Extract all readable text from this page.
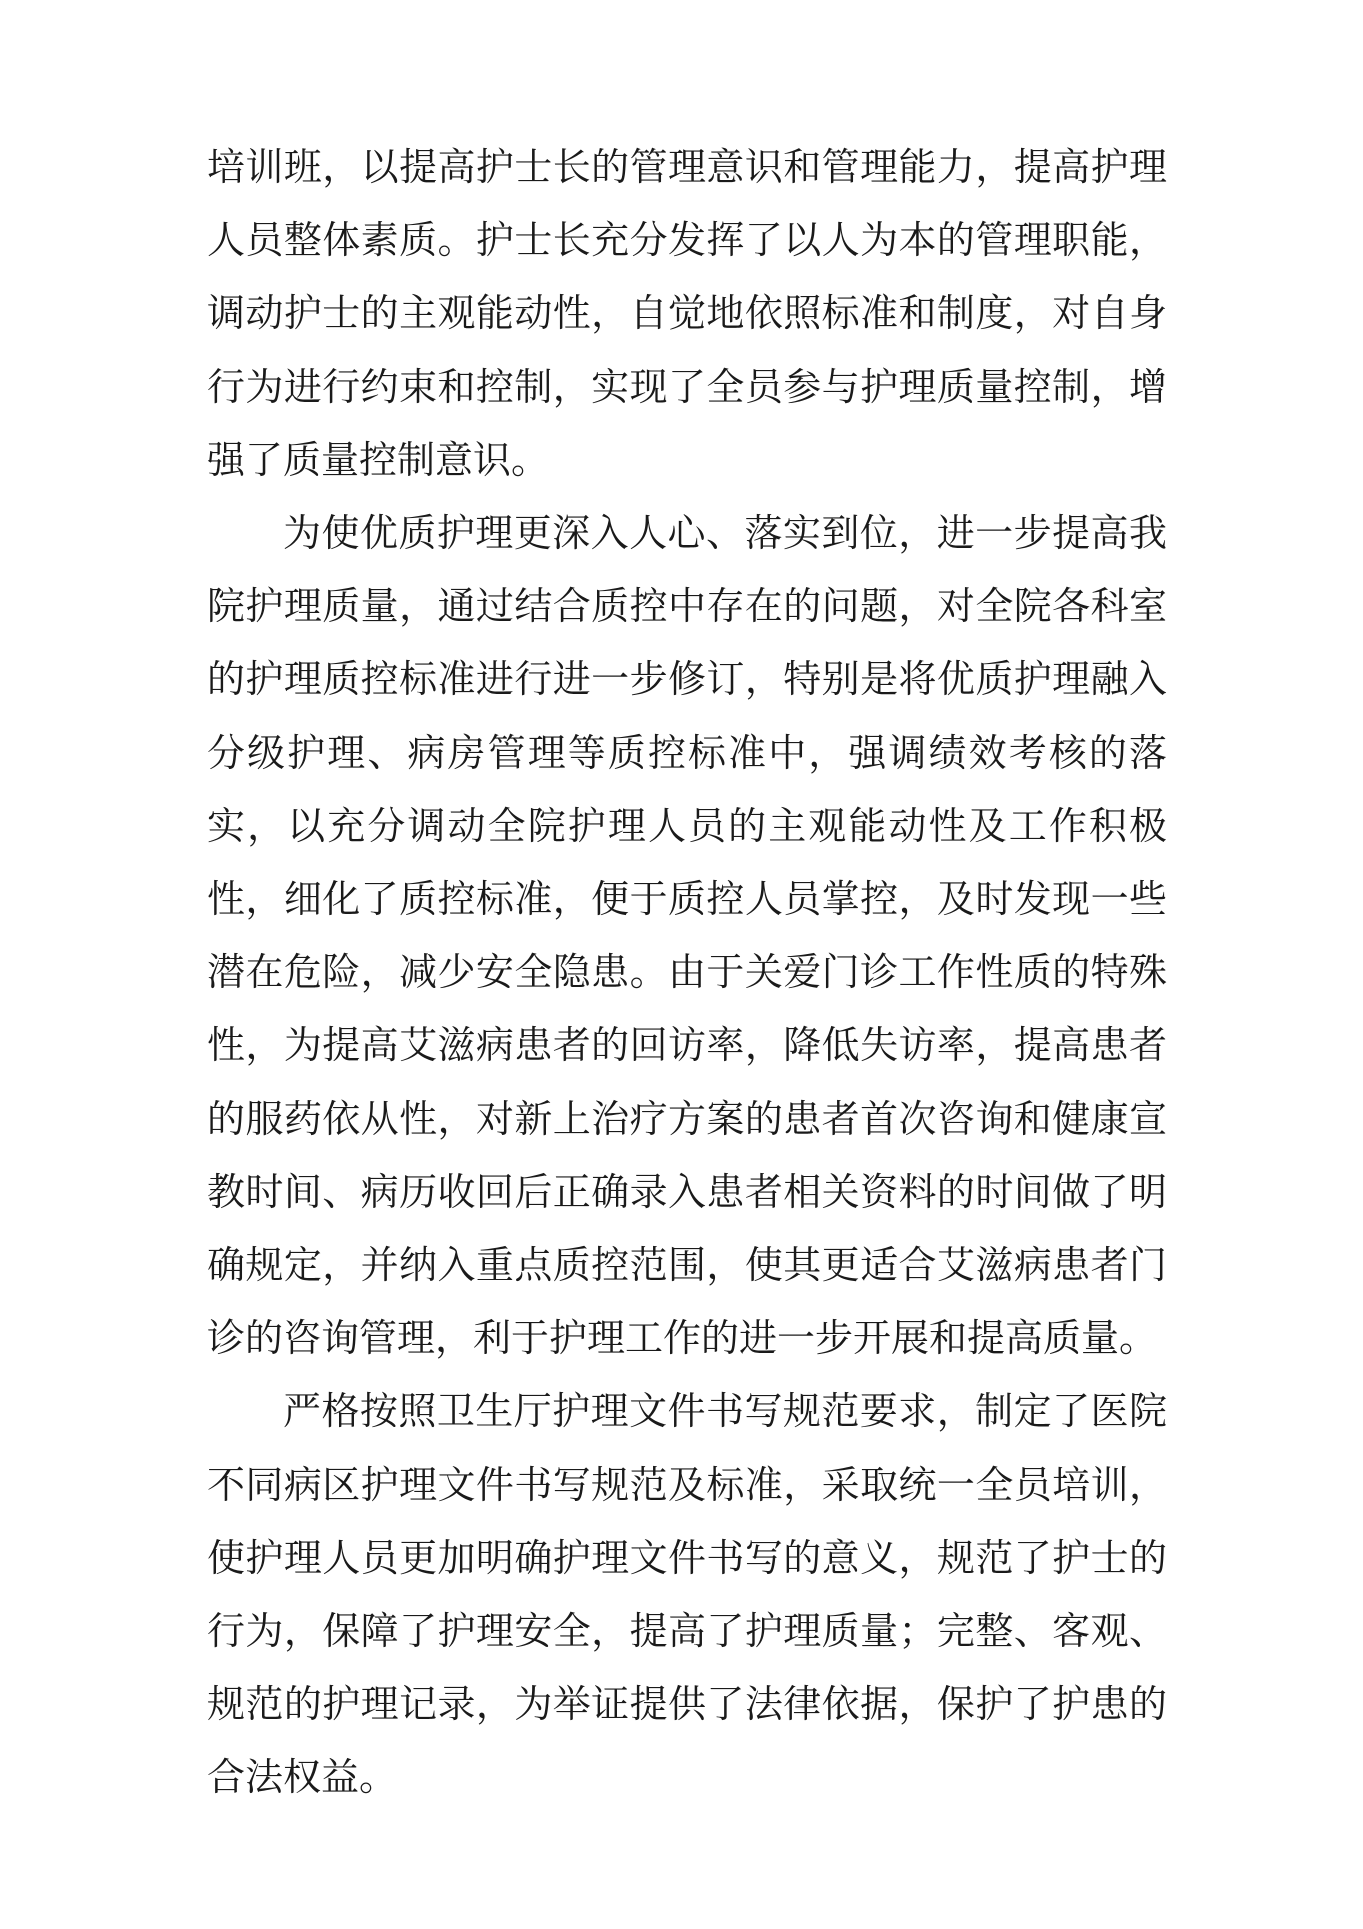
培训班，以提高护士长的管理意识和管理能力，提高护理人员整体素质。护士长充分发挥了以人为本的管理职能，调动护士的主观能动性，自觉地依照标准和制度，对自身行为进行约束和控制，实现了全员参与护理质量控制，增强了质量控制意识。

为使优质护理更深入人心、落实到位，进一步提高我院护理质量，通过结合质控中存在的问题，对全院各科室的护理质控标准进行进一步修订，特别是将优质护理融入分级护理、病房管理等质控标准中，强调绩效考核的落实，以充分调动全院护理人员的主观能动性及工作积极性，细化了质控标准，便于质控人员掌控，及时发现一些潜在危险，减少安全隐患。由于关爱门诊工作性质的特殊性，为提高艾滋病患者的回访率，降低失访率，提高患者的服药依从性，对新上治疗方案的患者首次咨询和健康宣教时间、病历收回后正确录入患者相关资料的时间做了明确规定，并纳入重点质控范围，使其更适合艾滋病患者门诊的咨询管理，利于护理工作的进一步开展和提高质量。

严格按照卫生厅护理文件书写规范要求，制定了医院不同病区护理文件书写规范及标准，采取统一全员培训，使护理人员更加明确护理文件书写的意义，规范了护士的行为，保障了护理安全，提高了护理质量；完整、客观、规范的护理记录，为举证提供了法律依据，保护了护患的合法权益。
